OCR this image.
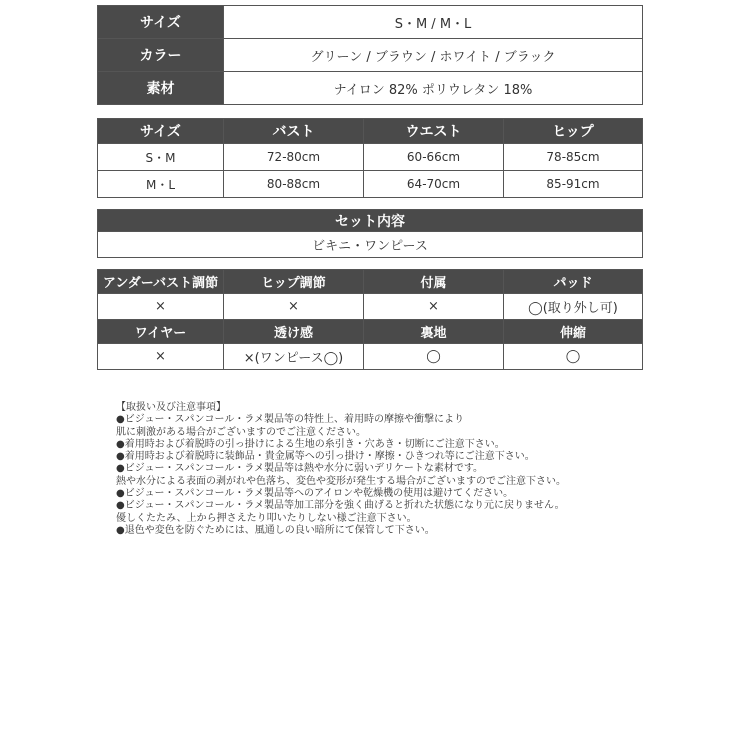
サイズ	S・M / M・L
カラー	グリーン / ブラウン / ホワイト / ブラック
素材	ナイロン 82% ポリウレタン 18%
サイズ	バスト	ウエスト	ヒップ
S・M	72-80cm	60-66cm	78-85cm
M・L	80-88cm	64-70cm	85-91cm
セット内容
ビキニ・ワンピース
アンダーバスト調節	ヒップ調節	付属	パッド
×	×	×	◯(取り外し可)
ワイヤー	透け感	裏地	伸縮
×	×(ワンピース◯)	◯	◯
【取扱い及び注意事項】
●ビジュー・スパンコール・ラメ製品等の特性上、着用時の摩擦や衝撃により
肌に刺激がある場合がございますのでご注意ください。
●着用時および着脱時の引っ掛けによる生地の糸引き・穴あき・切断にご注意下さい。
●着用時および着脱時に装飾品・貴金属等への引っ掛け・摩擦・ひきつれ等にご注意下さい。
●ビジュー・スパンコール・ラメ製品等は熱や水分に弱いデリケートな素材です。
熱や水分による表面の剥がれや色落ち、変色や変形が発生する場合がございますのでご注意下さい。
●ビジュー・スパンコール・ラメ製品等へのアイロンや乾燥機の使用は避けてください。
●ビジュー・スパンコール・ラメ製品等加工部分を強く曲げると折れた状態になり元に戻りません。
優しくたたみ、上から押さえたり叩いたりしない様ご注意下さい。
●退色や変色を防ぐためには、風通しの良い暗所にて保管して下さい。
